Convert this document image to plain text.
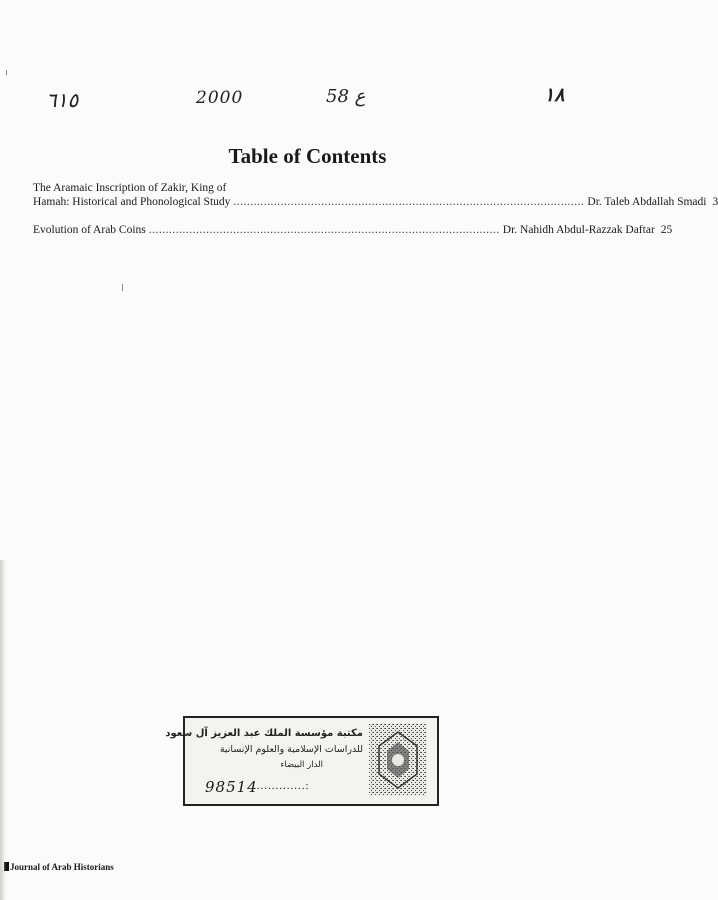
٦١٥	2000	ع 58	١٨
Table of Contents
The Aramaic Inscription of Zakir, King of
Hamah: Historical and Phonological Study ........................................................................................................ Dr. Taleb Abdallah Smadi 3
Evolution of Arab Coins ........................................................................................................ Dr. Nahidh Abdul-Razzak Daftar 25
مكتبة مؤسسة الملك عبد العزيز آل سعود
للدراسات الإسلامية والعلوم الإنسانية
الدار البيضاء
98514
..............:
Journal of Arab Historians
